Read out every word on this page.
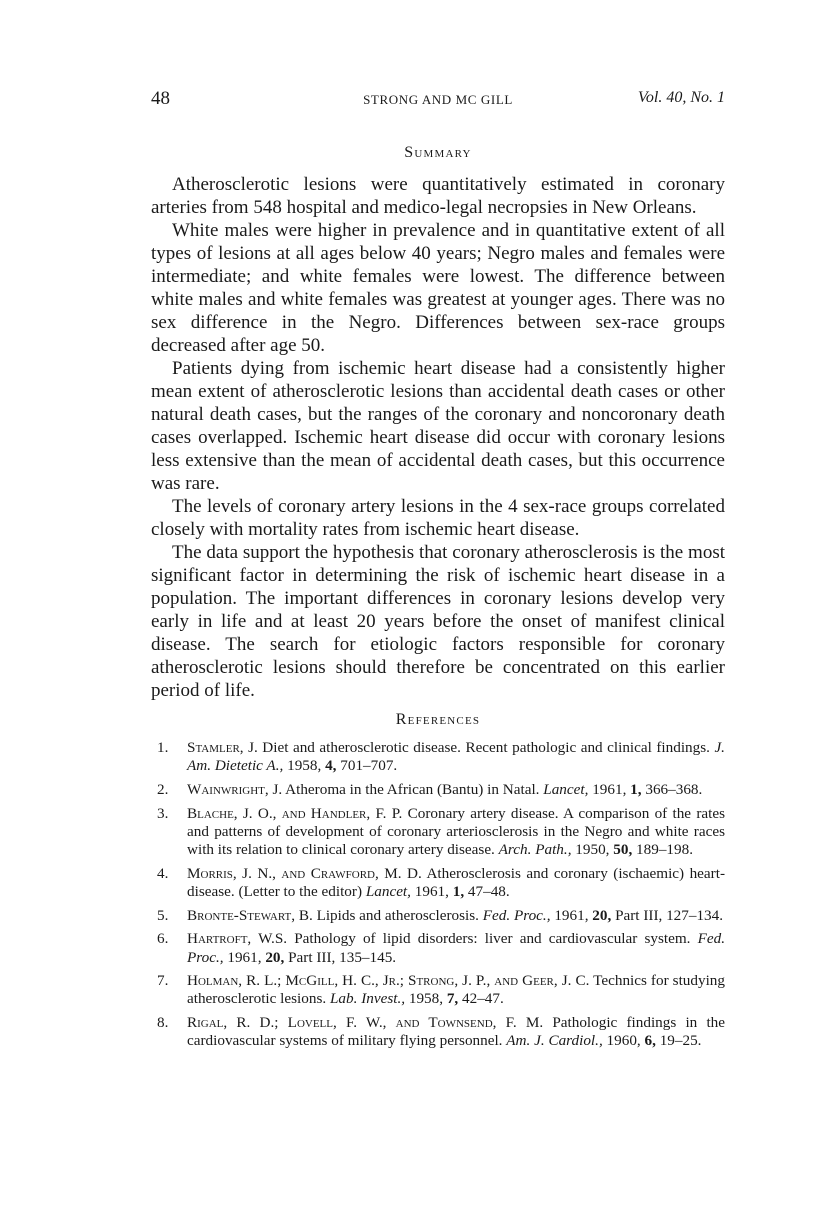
48	STRONG AND MC GILL	Vol. 40, No. 1
Summary

Atherosclerotic lesions were quantitatively estimated in coronary arteries from 548 hospital and medico-legal necropsies in New Orleans.

White males were higher in prevalence and in quantitative extent of all types of lesions at all ages below 40 years; Negro males and females were intermediate; and white females were lowest. The difference between white males and white females was greatest at younger ages. There was no sex difference in the Negro. Differences between sex-race groups decreased after age 50.

Patients dying from ischemic heart disease had a consistently higher mean extent of atherosclerotic lesions than accidental death cases or other natural death cases, but the ranges of the coronary and noncoronary death cases overlapped. Ischemic heart disease did occur with coronary lesions less extensive than the mean of accidental death cases, but this occurrence was rare.

The levels of coronary artery lesions in the 4 sex-race groups correlated closely with mortality rates from ischemic heart disease.

The data support the hypothesis that coronary atherosclerosis is the most significant factor in determining the risk of ischemic heart disease in a population. The important differences in coronary lesions develop very early in life and at least 20 years before the onset of manifest clinical disease. The search for etiologic factors responsible for coronary atherosclerotic lesions should therefore be concentrated on this earlier period of life.

References
1. Stamler, J. Diet and atherosclerotic disease. Recent pathologic and clinical findings. J. Am. Dietetic A., 1958, 4, 701–707.
2. Wainwright, J. Atheroma in the African (Bantu) in Natal. Lancet, 1961, 1, 366–368.
3. Blache, J. O., and Handler, F. P. Coronary artery disease. A comparison of the rates and patterns of development of coronary arteriosclerosis in the Negro and white races with its relation to clinical coronary artery disease. Arch. Path., 1950, 50, 189–198.
4. Morris, J. N., and Crawford, M. D. Atherosclerosis and coronary (ischaemic) heart-disease. (Letter to the editor) Lancet, 1961, 1, 47–48.
5. Bronte-Stewart, B. Lipids and atherosclerosis. Fed. Proc., 1961, 20, Part III, 127–134.
6. Hartroft, W.S. Pathology of lipid disorders: liver and cardiovascular system. Fed. Proc., 1961, 20, Part III, 135–145.
7. Holman, R. L.; McGill, H. C., Jr.; Strong, J. P., and Geer, J. C. Technics for studying atherosclerotic lesions. Lab. Invest., 1958, 7, 42–47.
8. Rigal, R. D.; Lovell, F. W., and Townsend, F. M. Pathologic findings in the cardiovascular systems of military flying personnel. Am. J. Cardiol., 1960, 6, 19–25.
